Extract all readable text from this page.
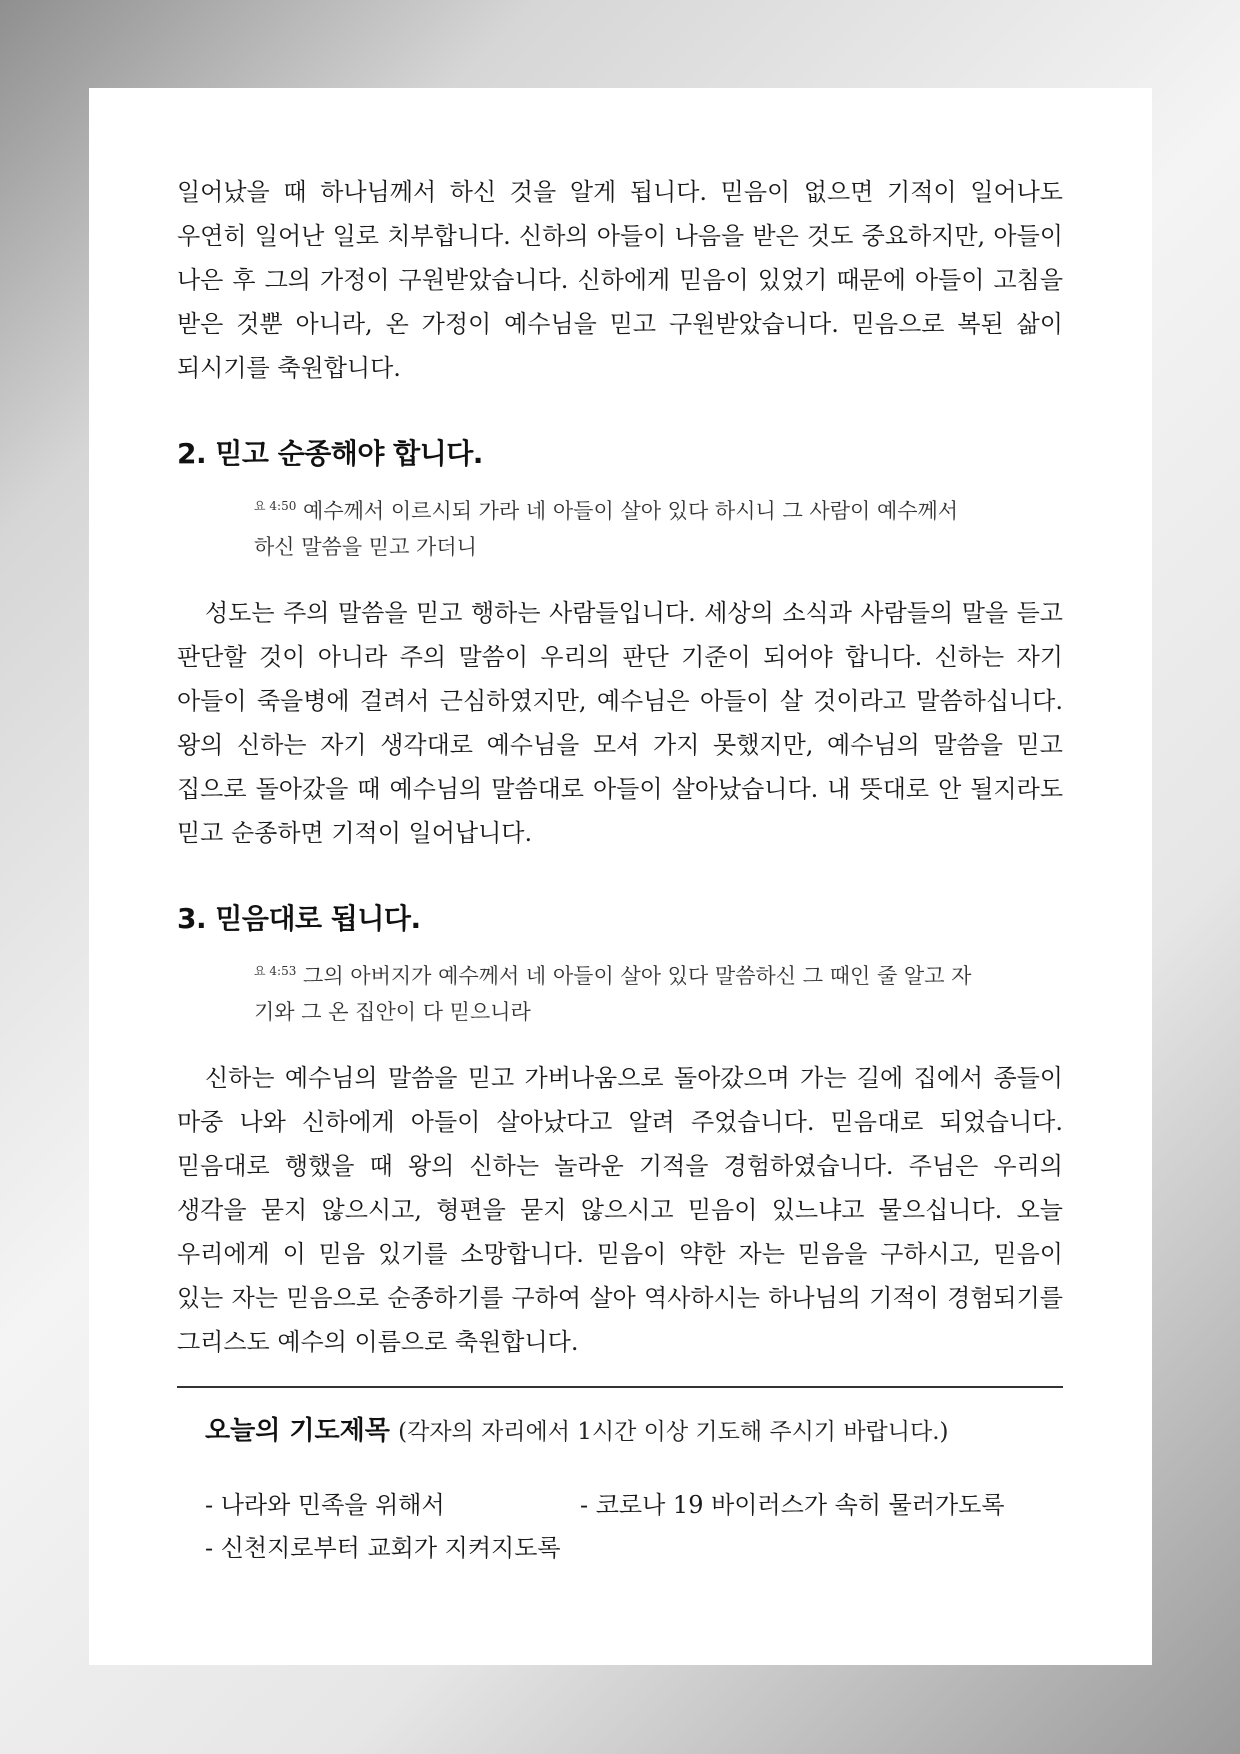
일어났을 때 하나님께서 하신 것을 알게 됩니다. 믿음이 없으면 기적이 일어나도 우연히 일어난 일로 치부합니다. 신하의 아들이 나음을 받은 것도 중요하지만, 아들이 나은 후 그의 가정이 구원받았습니다. 신하에게 믿음이 있었기 때문에 아들이 고침을 받은 것뿐 아니라, 온 가정이 예수님을 믿고 구원받았습니다. 믿음으로 복된 삶이 되시기를 축원합니다.

2. 믿고 순종해야 합니다.

$^{요 4:50}$ 예수께서 이르시되 가라 네 아들이 살아 있다 하시니 그 사람이 예수께서 하신 말씀을 믿고 가더니

성도는 주의 말씀을 믿고 행하는 사람들입니다. 세상의 소식과 사람들의 말을 듣고 판단할 것이 아니라 주의 말씀이 우리의 판단 기준이 되어야 합니다. 신하는 자기 아들이 죽을병에 걸려서 근심하였지만, 예수님은 아들이 살 것이라고 말씀하십니다. 왕의 신하는 자기 생각대로 예수님을 모셔 가지 못했지만, 예수님의 말씀을 믿고 집으로 돌아갔을 때 예수님의 말씀대로 아들이 살아났습니다. 내 뜻대로 안 될지라도 믿고 순종하면 기적이 일어납니다.

3. 믿음대로 됩니다.

$^{요 4:53}$ 그의 아버지가 예수께서 네 아들이 살아 있다 말씀하신 그 때인 줄 알고 자기와 그 온 집안이 다 믿으니라

신하는 예수님의 말씀을 믿고 가버나움으로 돌아갔으며 가는 길에 집에서 종들이 마중 나와 신하에게 아들이 살아났다고 알려 주었습니다. 믿음대로 되었습니다. 믿음대로 행했을 때 왕의 신하는 놀라운 기적을 경험하였습니다. 주님은 우리의 생각을 묻지 않으시고, 형편을 묻지 않으시고 믿음이 있느냐고 물으십니다. 오늘 우리에게 이 믿음 있기를 소망합니다. 믿음이 약한 자는 믿음을 구하시고, 믿음이 있는 자는 믿음으로 순종하기를 구하여 살아 역사하시는 하나님의 기적이 경험되기를 그리스도 예수의 이름으로 축원합니다.

오늘의 기도제목 (각자의 자리에서 1시간 이상 기도해 주시기 바랍니다.)

- 나라와 민족을 위해서	- 코로나 19 바이러스가 속히 물러가도록
- 신천지로부터 교회가 지켜지도록
